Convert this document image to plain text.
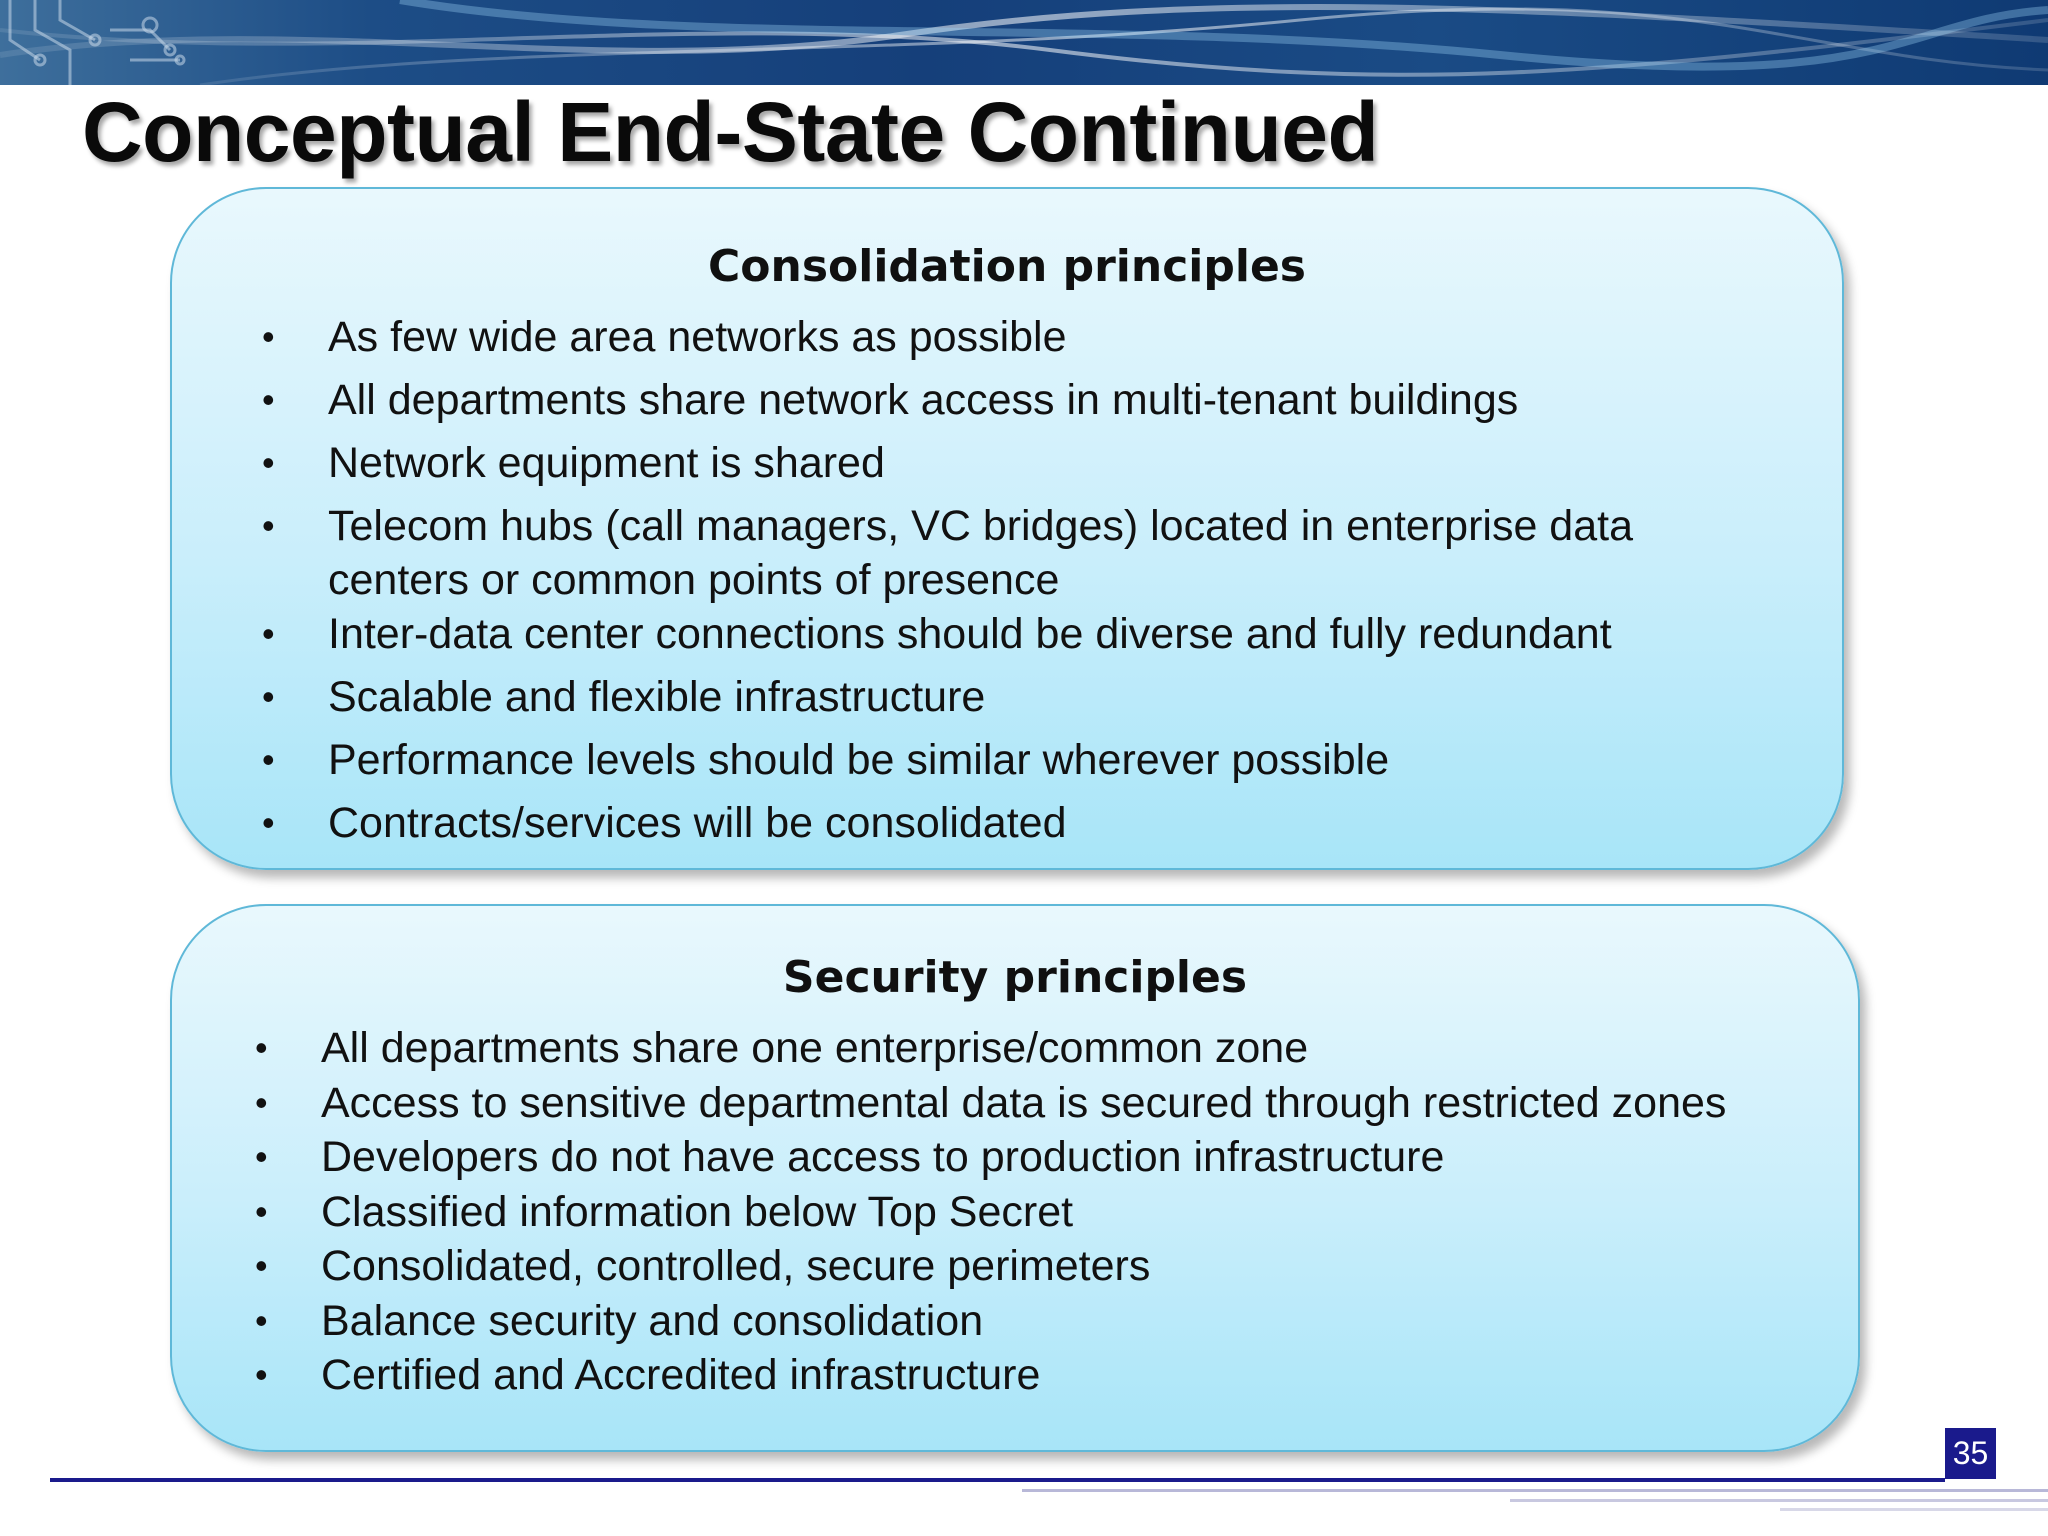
Conceptual End-State Continued
Consolidation principles
• As few wide area networks as possible
• All departments share network access in multi-tenant buildings
• Network equipment is shared
• Telecom hubs (call managers, VC bridges) located in enterprise data
centers or common points of presence
• Inter-data center connections should be diverse and fully redundant
• Scalable and flexible infrastructure
• Performance levels should be similar wherever possible
• Contracts/services will be consolidated
Security principles
• All departments share one enterprise/common zone
• Access to sensitive departmental data is secured through restricted zones
• Developers do not have access to production infrastructure
• Classified information below Top Secret
• Consolidated, controlled, secure perimeters
• Balance security and consolidation
• Certified and Accredited infrastructure
35
